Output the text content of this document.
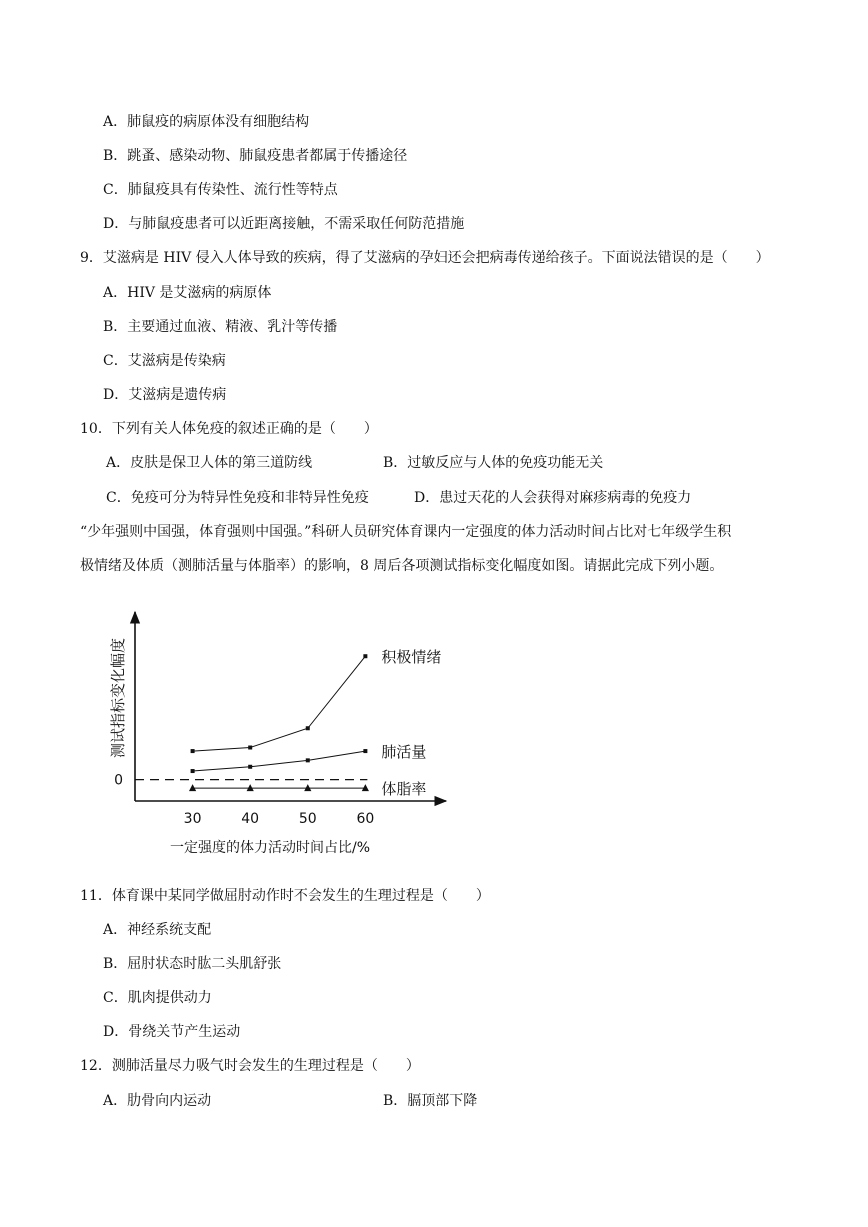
A．肺鼠疫的病原体没有细胞结构
B．跳蚤、感染动物、肺鼠疫患者都属于传播途径
C．肺鼠疫具有传染性、流行性等特点
D．与肺鼠疫患者可以近距离接触，不需采取任何防范措施
9．艾滋病是 HIV 侵入人体导致的疾病，得了艾滋病的孕妇还会把病毒传递给孩子。下面说法错误的是（　　）
A．HIV 是艾滋病的病原体
B．主要通过血液、精液、乳汁等传播
C．艾滋病是传染病
D．艾滋病是遗传病
10．下列有关人体免疫的叙述正确的是（　　）
A．皮肤是保卫人体的第三道防线	B．过敏反应与人体的免疫功能无关
C．免疫可分为特异性免疫和非特异性免疫	D．患过天花的人会获得对麻疹病毒的免疫力
“少年强则中国强，体育强则中国强。”科研人员研究体育课内一定强度的体力活动时间占比对七年级学生积
极情绪及体质（测肺活量与体脂率）的影响，8 周后各项测试指标变化幅度如图。请据此完成下列小题。
0
30	40	50	60
积极情绪
肺活量
体脂率
测试指标变化幅度
一定强度的体力活动时间占比/%
11．体育课中某同学做屈肘动作时不会发生的生理过程是（　　）
A．神经系统支配
B．屈肘状态时肱二头肌舒张
C．肌肉提供动力
D．骨绕关节产生运动
12．测肺活量尽力吸气时会发生的生理过程是（　　）
A．肋骨向内运动	B．膈顶部下降
